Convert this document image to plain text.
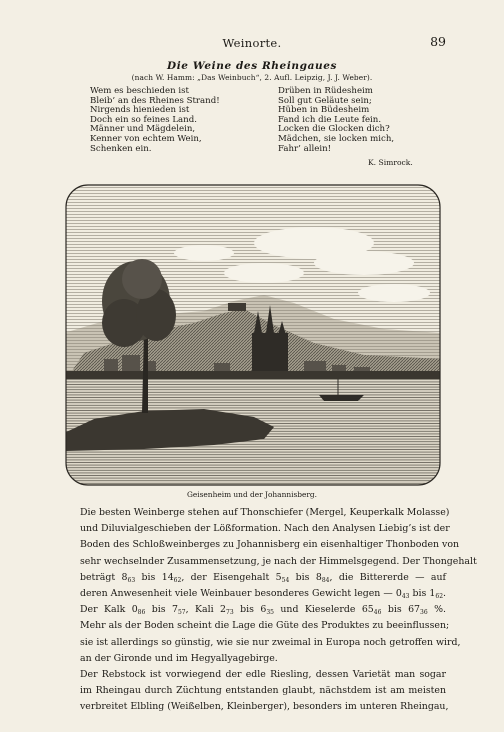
Weinorte.	89
Die Weine des Rheingaues
(nach W. Hamm: „Das Weinbuch“, 2. Aufl. Leipzig, J. J. Weber).
Wem es beschieden ist
Bleib’ an des Rheines Strand!
Nirgends hienieden ist
Doch ein so feines Land.
Männer und Mägdelein,
Kenner von echtem Wein,
Schenken ein.
Drüben in Rüdesheim
Soll gut Geläute sein;
Hüben in Büdesheim
Fand ich die Leute fein.
Locken die Glocken dich?
Mädchen, sie locken mich,
Fahr’ allein!
K. Simrock.
Geisenheim und der Johannisberg.

Die besten Weinberge stehen auf Thonschiefer (Mergel, Keuperkalk Molasse)
und Diluvialgeschieben der Lößformation. Nach den Analysen Liebig’s ist der
Boden des Schloßweinberges zu Johannisberg ein eisenhaltiger Thonboden von
sehr wechselnder Zusammensetzung, je nach der Himmelsgegend. Der Thongehalt
beträgt $8_{63}$ bis $14_{62}$, der Eisengehalt $5_{54}$ bis $8_{84}$, die Bittererde — auf
deren Anwesenheit viele Weinbauer besonderes Gewicht legen — $0_{43}$ bis $1_{62}$.
Der Kalk $0_{86}$ bis $7_{57}$, Kali $2_{73}$ bis $6_{35}$ und Kieselerde $65_{46}$ bis $67_{36}$ %.
Mehr als der Boden scheint die Lage die Güte des Produktes zu beeinflussen;
sie ist allerdings so günstig, wie sie nur zweimal in Europa noch getroffen wird,
an der Gironde und im Hegyallyagebirge.

Der Rebstock ist vorwiegend der edle Riesling, dessen Varietät man sogar
im Rheingau durch Züchtung entstanden glaubt, nächstdem ist am meisten
verbreitet Elbling (Weißelben, Kleinberger), besonders im unteren Rheingau,
